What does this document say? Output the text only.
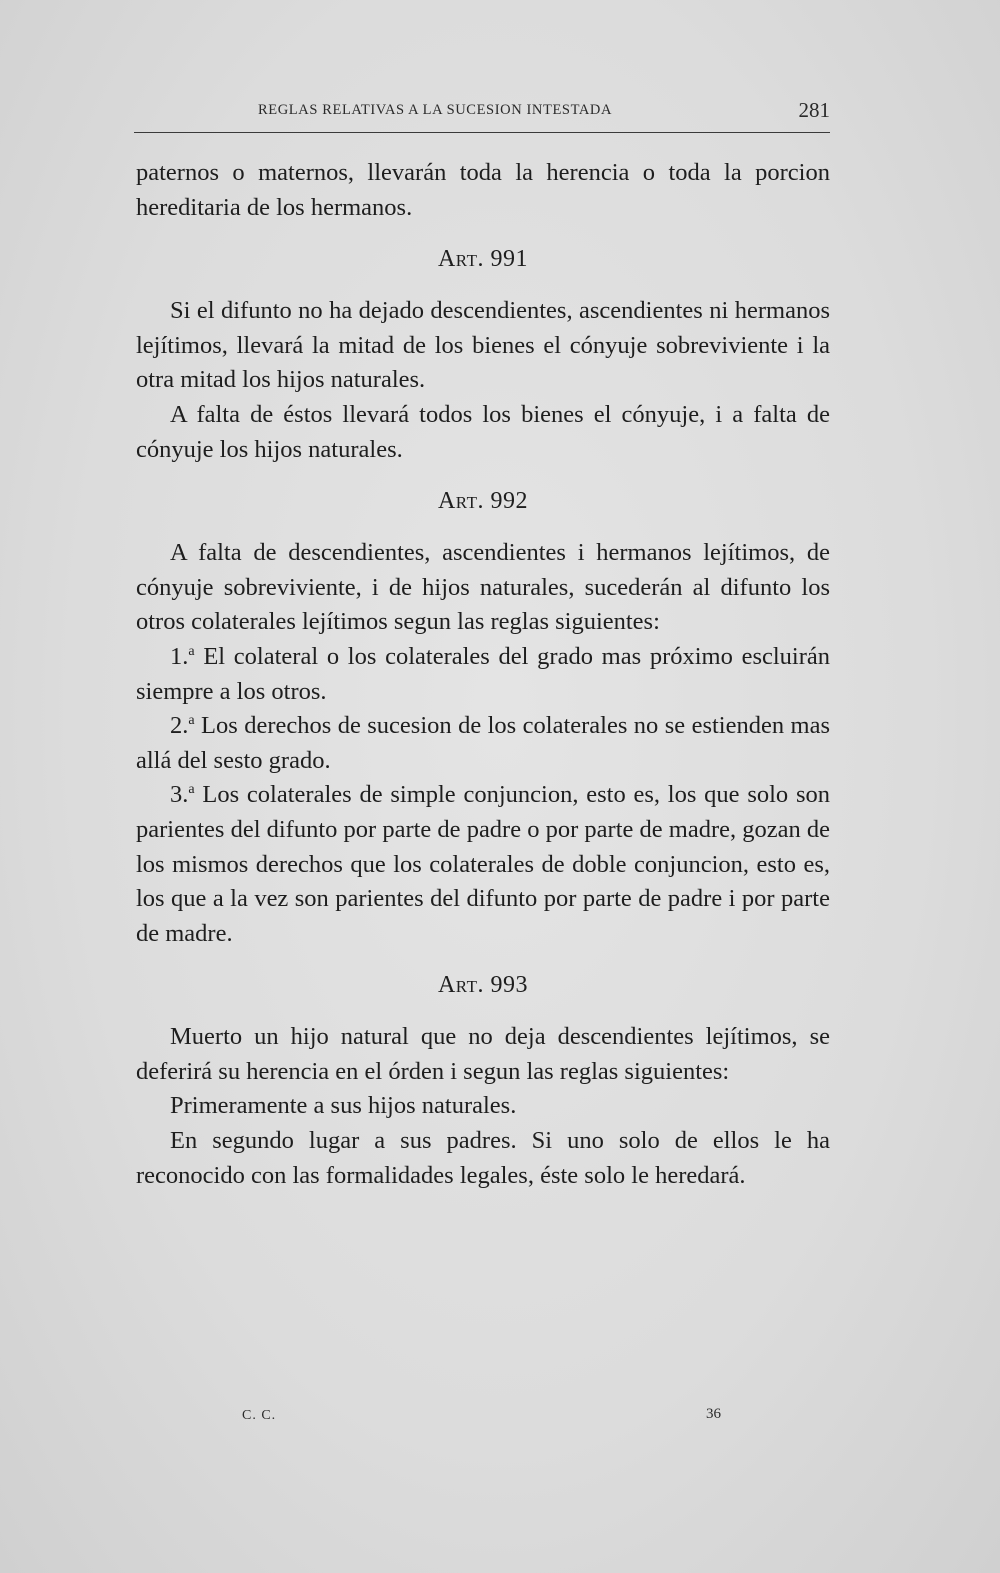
REGLAS RELATIVAS A LA SUCESION INTESTADA	281

paternos o maternos, llevarán toda la herencia o toda la porcion hereditaria de los hermanos.

Art. 991

Si el difunto no ha dejado descendientes, ascendientes ni hermanos lejítimos, llevará la mitad de los bienes el cónyuje sobreviviente i la otra mitad los hijos naturales.

A falta de éstos llevará todos los bienes el cónyuje, i a falta de cónyuje los hijos naturales.

Art. 992

A falta de descendientes, ascendientes i hermanos lejítimos, de cónyuje sobreviviente, i de hijos naturales, sucederán al difunto los otros colaterales lejítimos segun las reglas siguientes:

1.$^a$ El colateral o los colaterales del grado mas próximo escluirán siempre a los otros.

2.$^a$ Los derechos de sucesion de los colaterales no se estienden mas allá del sesto grado.

3.$^a$ Los colaterales de simple conjuncion, esto es, los que solo son parientes del difunto por parte de padre o por parte de madre, gozan de los mismos derechos que los colaterales de doble conjuncion, esto es, los que a la vez son parientes del difunto por parte de padre i por parte de madre.

Art. 993

Muerto un hijo natural que no deja descendientes lejítimos, se deferirá su herencia en el órden i segun las reglas siguientes:

Primeramente a sus hijos naturales.

En segundo lugar a sus padres. Si uno solo de ellos le ha reconocido con las formalidades legales, éste solo le heredará.

C. C.	36
